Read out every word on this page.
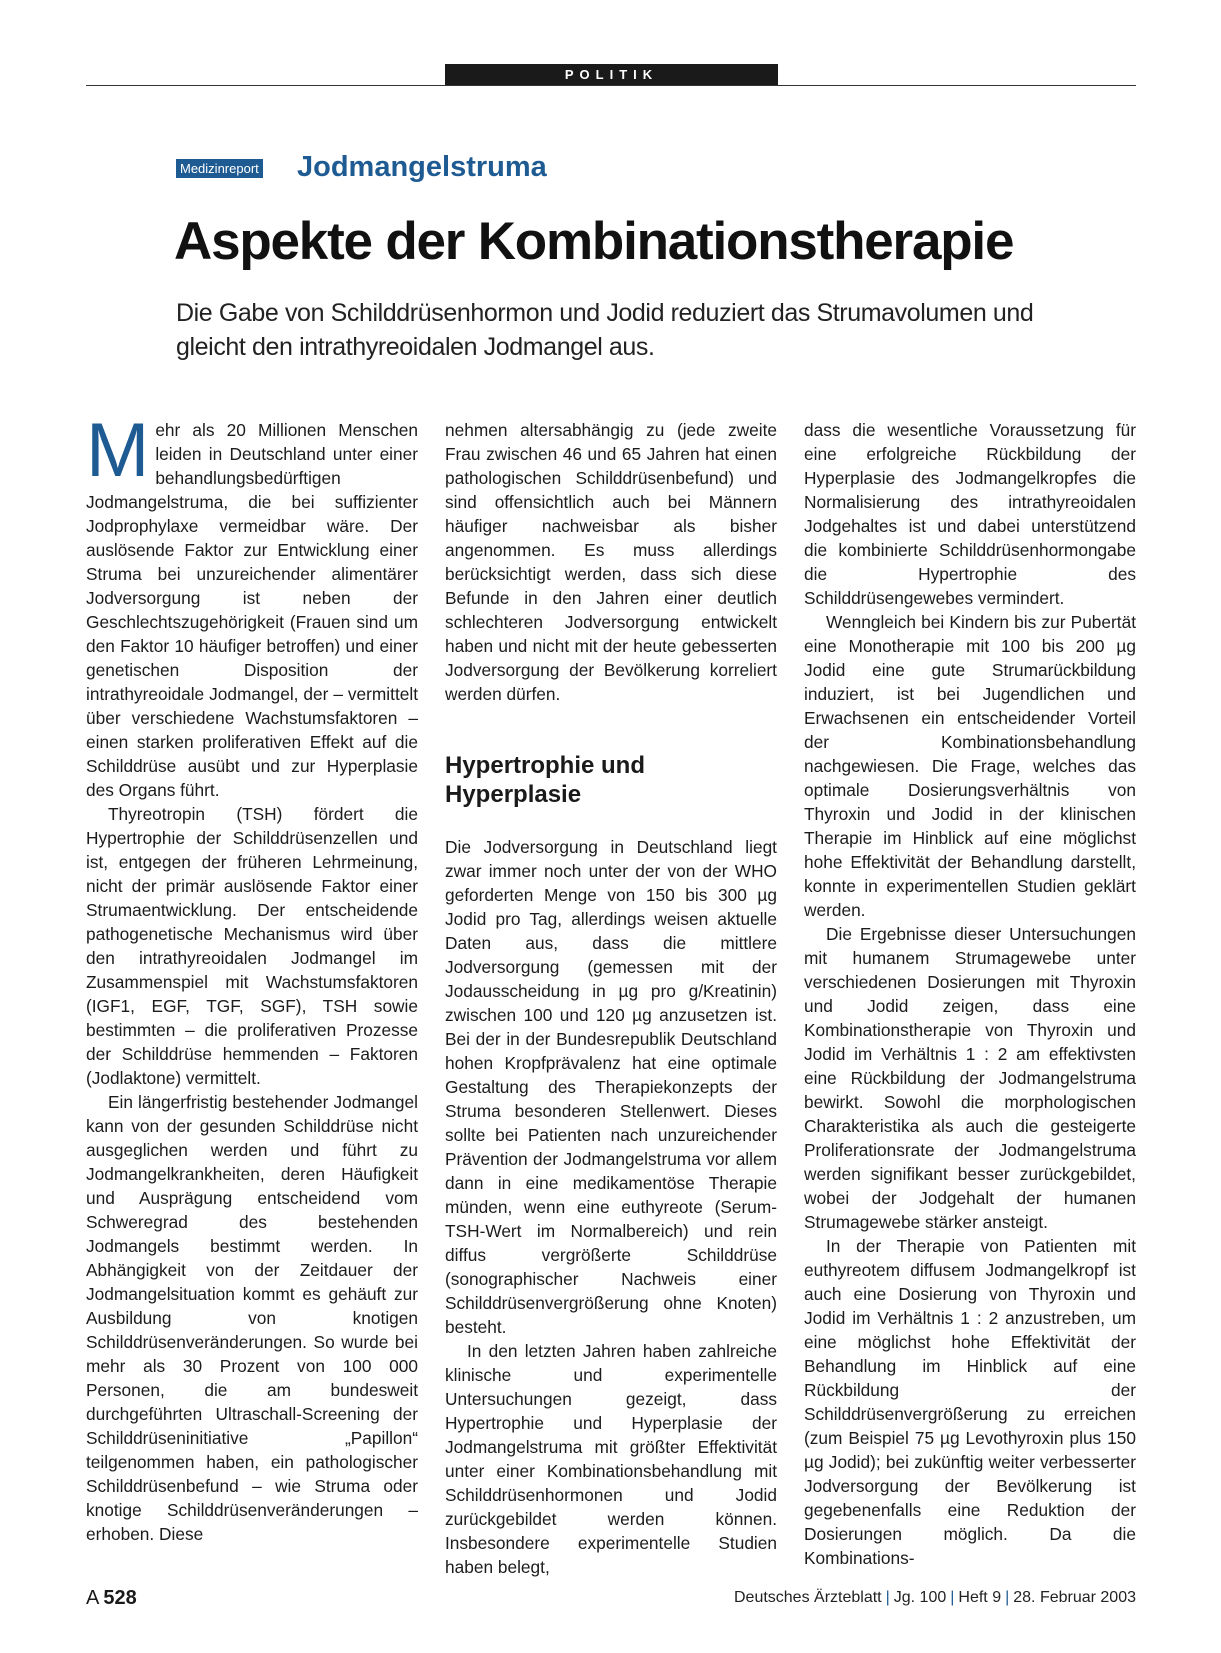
POLITIK
Medizinreport Jodmangelstruma
Aspekte der Kombinationstherapie
Die Gabe von Schilddrüsenhormon und Jodid reduziert das Strumavolumen und
gleicht den intrathyreoidalen Jodmangel aus.

Mehr als 20 Millionen Menschen leiden in Deutschland unter einer behandlungsbedürftigen Jodmangelstruma, die bei suffizienter Jodprophylaxe vermeidbar wäre. Der auslösende Faktor zur Entwicklung einer Struma bei unzureichender alimentärer Jodversorgung ist neben der Geschlechtszugehörigkeit (Frauen sind um den Faktor 10 häufiger betroffen) und einer genetischen Disposition der intrathyreoidale Jodmangel, der – vermittelt über verschiedene Wachstumsfaktoren – einen starken proliferativen Effekt auf die Schilddrüse ausübt und zur Hyperplasie des Organs führt.

Thyreotropin (TSH) fördert die Hypertrophie der Schilddrüsenzellen und ist, entgegen der früheren Lehrmeinung, nicht der primär auslösende Faktor einer Strumaentwicklung. Der entscheidende pathogenetische Mechanismus wird über den intrathyreoidalen Jodmangel im Zusammenspiel mit Wachstumsfaktoren (IGF1, EGF, TGF, SGF), TSH sowie bestimmten – die proliferativen Prozesse der Schilddrüse hemmenden – Faktoren (Jodlaktone) vermittelt.

Ein längerfristig bestehender Jodmangel kann von der gesunden Schilddrüse nicht ausgeglichen werden und führt zu Jodmangelkrankheiten, deren Häufigkeit und Ausprägung entscheidend vom Schweregrad des bestehenden Jodmangels bestimmt werden. In Abhängigkeit von der Zeitdauer der Jodmangelsituation kommt es gehäuft zur Ausbildung von knotigen Schilddrüsenveränderungen. So wurde bei mehr als 30 Prozent von 100 000 Personen, die am bundesweit durchgeführten Ultraschall-Screening der Schilddrüseninitiative „Papillon“ teilgenommen haben, ein pathologischer Schilddrüsenbefund – wie Struma oder knotige Schilddrüsenveränderungen – erhoben. Diese

nehmen altersabhängig zu (jede zweite Frau zwischen 46 und 65 Jahren hat einen pathologischen Schilddrüsenbefund) und sind offensichtlich auch bei Männern häufiger nachweisbar als bisher angenommen. Es muss allerdings berücksichtigt werden, dass sich diese Befunde in den Jahren einer deutlich schlechteren Jodversorgung entwickelt haben und nicht mit der heute gebesserten Jodversorgung der Bevölkerung korreliert werden dürfen.

Hypertrophie und
Hyperplasie

Die Jodversorgung in Deutschland liegt zwar immer noch unter der von der WHO geforderten Menge von 150 bis 300 µg Jodid pro Tag, allerdings weisen aktuelle Daten aus, dass die mittlere Jodversorgung (gemessen mit der Jodausscheidung in µg pro g/Kreatinin) zwischen 100 und 120 µg anzusetzen ist. Bei der in der Bundesrepublik Deutschland hohen Kropfprävalenz hat eine optimale Gestaltung des Therapiekonzepts der Struma besonderen Stellenwert. Dieses sollte bei Patienten nach unzureichender Prävention der Jodmangelstruma vor allem dann in eine medikamentöse Therapie münden, wenn eine euthyreote (Serum-TSH-Wert im Normalbereich) und rein diffus vergrößerte Schilddrüse (sonographischer Nachweis einer Schilddrüsenvergrößerung ohne Knoten) besteht.

In den letzten Jahren haben zahlreiche klinische und experimentelle Untersuchungen gezeigt, dass Hypertrophie und Hyperplasie der Jodmangelstruma mit größter Effektivität unter einer Kombinationsbehandlung mit Schilddrüsenhormonen und Jodid zurückgebildet werden können. Insbesondere experimentelle Studien haben belegt,

dass die wesentliche Voraussetzung für eine erfolgreiche Rückbildung der Hyperplasie des Jodmangelkropfes die Normalisierung des intrathyreoidalen Jodgehaltes ist und dabei unterstützend die kombinierte Schilddrüsenhormongabe die Hypertrophie des Schilddrüsengewebes vermindert.

Wenngleich bei Kindern bis zur Pubertät eine Monotherapie mit 100 bis 200 µg Jodid eine gute Strumarückbildung induziert, ist bei Jugendlichen und Erwachsenen ein entscheidender Vorteil der Kombinationsbehandlung nachgewiesen. Die Frage, welches das optimale Dosierungsverhältnis von Thyroxin und Jodid in der klinischen Therapie im Hinblick auf eine möglichst hohe Effektivität der Behandlung darstellt, konnte in experimentellen Studien geklärt werden.

Die Ergebnisse dieser Untersuchungen mit humanem Strumagewebe unter verschiedenen Dosierungen mit Thyroxin und Jodid zeigen, dass eine Kombinationstherapie von Thyroxin und Jodid im Verhältnis 1 : 2 am effektivsten eine Rückbildung der Jodmangelstruma bewirkt. Sowohl die morphologischen Charakteristika als auch die gesteigerte Proliferationsrate der Jodmangelstruma werden signifikant besser zurückgebildet, wobei der Jodgehalt der humanen Strumagewebe stärker ansteigt.

In der Therapie von Patienten mit euthyreotem diffusem Jodmangelkropf ist auch eine Dosierung von Thyroxin und Jodid im Verhältnis 1 : 2 anzustreben, um eine möglichst hohe Effektivität der Behandlung im Hinblick auf eine Rückbildung der Schilddrüsenvergrößerung zu erreichen (zum Beispiel 75 µg Levothyroxin plus 150 µg Jodid); bei zukünftig weiter verbesserter Jodversorgung der Bevölkerung ist gegebenenfalls eine Reduktion der Dosierungen möglich. Da die Kombinations-

A  528	Deutsches Ärzteblatt | Jg. 100 | Heft 9 | 28. Februar 2003
